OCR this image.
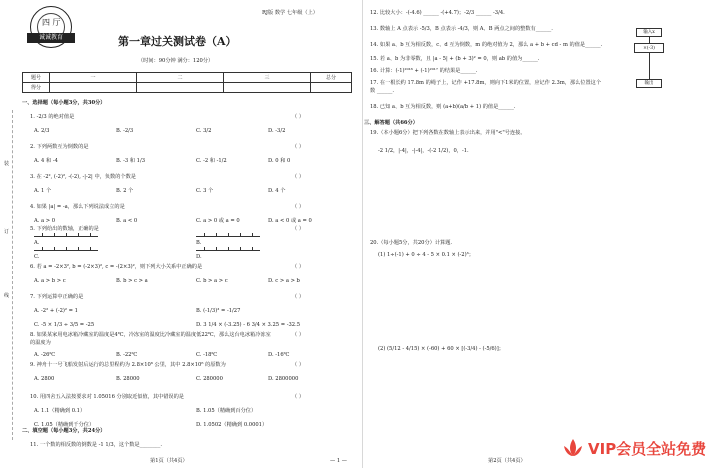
四 厅
诚诚教育
RJ版 数学 七年级（上）
第一章过关测试卷（A）
（时间：90分钟 满分：120分）
题号	一	二	三	总分
得分				
装
订
线
一、选择题（每小题3分，共30分）
1. -2/3 的绝对值是	（ ）
A. 2/3	B. -2/3	C. 3/2	D. -3/2
2. 下列两数互为倒数的是	（ ）
A. 4 和 -4	B. -3 和 1/3	C. -2 和 -1/2	D. 0 和 0
3. 在 -2², (-2)², -(-2), -|-2| 中，负数的个数是	（ ）
A. 1 个	B. 2 个	C. 3 个	D. 4 个
4. 如果 |a| = -a，那么下列说法成立的是	（ ）
A. a > 0	B. a < 0	C. a > 0 或 a = 0	D. a < 0 或 a = 0
5. 下列给出的数轴，正确的是	（ ）
A.	B.
C.	D.
6. 若 a = -2×3², b = (-2×3)², c = -(2×3)²，则下列大小关系中正确的是	（ ）
A. a > b > c	B. b > c > a	C. b > a > c	D. c > a > b
7. 下列运算中正确的是	（ ）
A. -2² + (-2)² = 1	B. (-1/3)³ = -1/27
C. -5 × 1/3 ÷ 3/5 = -25	D. 3 1/4 × (-3.25) - 6 3/4 × 3.25 = -32.5
8. 如果某家用电冰箱冷藏室的温度是4℃，冷冻室的温度比冷藏室的温度低22℃，那么这台电冰箱冷冻室	（ ）
的温度为
A. -26℃	B. -22℃	C. -18℃	D. -16℃
9. 神舟十一号飞船发射后运行的总里程约为 2.8×10⁶ 公里，其中 2.8×10⁶ 的原数为	（ ）
A. 2800	B. 28000	C. 280000	D. 2800000
10. 用四舍五入法按要求对 1.05016 分别取近似值，其中错误的是	（ ）
A. 1.1（精确到 0.1）	B. 1.05（精确到百分位）
C. 1.05（精确到千分位）	D. 1.0502（精确到 0.0001）
二、填空题（每小题3分，共24分）
11. 一个数的相反数的倒数是 -1 1/3，这个数是________.
第1页（共4页）	— 1 —
12. 比较大小：-(-4.6) ______ -(+4.7)；-2/3 ______ -3/4.
13. 数轴上 A 点表示 -5/3，B 点表示 -4/3，则 A、B 两点之间的整数有______.
14. 如果 a、b 互为相反数，c、d 互为倒数，m 的绝对值为 2，那么 a + b + cd - m 的值是______.
15. 若 a、b 为非零数，且 |a - 5| + (b + 3)² = 0，则 ab 的值为______.
16. 计算：(-1)²⁰¹⁶ + (-1)²⁰¹⁷ 的结果是______.
17. 在一根长约 17.8m 的绳子上，记作 +17.8m，则向下1米的位置，应记作 2.3m，那么位置这个
数 ______.
18. 已知 a、b 互为相反数，则 (a+b)(a/b + 1) 的值是______.
三、解答题（共66分）
19.（本小题6分）把下列各数在数轴上表示出来，并用"<"号连接。
-2 1/2，|-4|，-|-4|，-(-2 1/2)，0，-1.
20.（每小题5分，共20分）计算题.
(1) 1÷(-1) + 0 ÷ 4 - 5 × 0.1 × (-2)³；
(2) (5/12 - 4/15) × (-60) + 60 × [(-3/4) - (-5/6)]；
第2页（共4页）
输入x
×(-3)
输出
VIP会员全站免费
